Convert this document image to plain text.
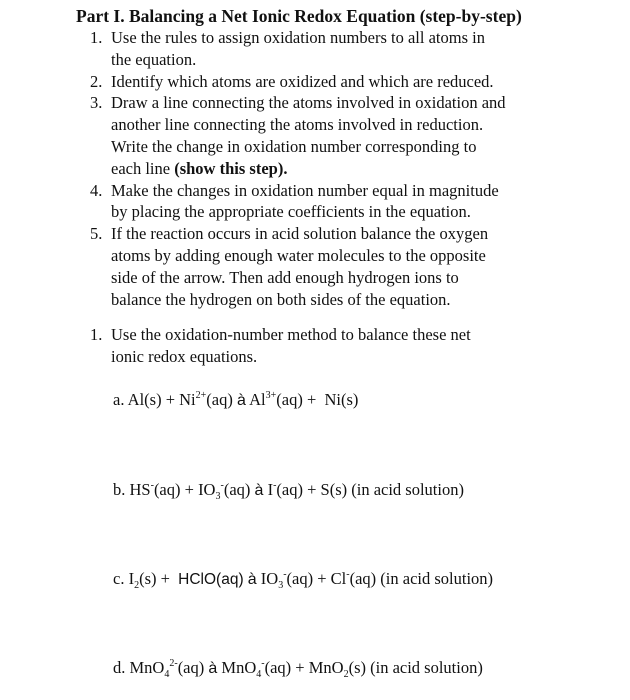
Part I. Balancing a Net Ionic Redox Equation (step-by-step)
1. Use the rules to assign oxidation numbers to all atoms in
the equation.
2. Identify which atoms are oxidized and which are reduced.
3. Draw a line connecting the atoms involved in oxidation and
another line connecting the atoms involved in reduction.
Write the change in oxidation number corresponding to
each line (show this step).
4. Make the changes in oxidation number equal in magnitude
by placing the appropriate coefficients in the equation.
5. If the reaction occurs in acid solution balance the oxygen
atoms by adding enough water molecules to the opposite
side of the arrow. Then add enough hydrogen ions to
balance the hydrogen on both sides of the equation.
1. Use the oxidation-number method to balance these net
ionic redox equations.
a. $Al(s) + Ni^{2+}(aq)$ à $Al^{3+}(aq) + Ni(s)$
b. $HS^-(aq) + IO_3^-(aq)$ à I-(aq) + S(s) (in acid solution)
c. $I_2(s)$ + HClO(aq) à $IO_3^-(aq) + Cl^-(aq)$ (in acid solution)
d. MnO$_4^{2-}$(aq) à MnO$_4$-(aq) + MnO$_2$(s) (in acid solution)
